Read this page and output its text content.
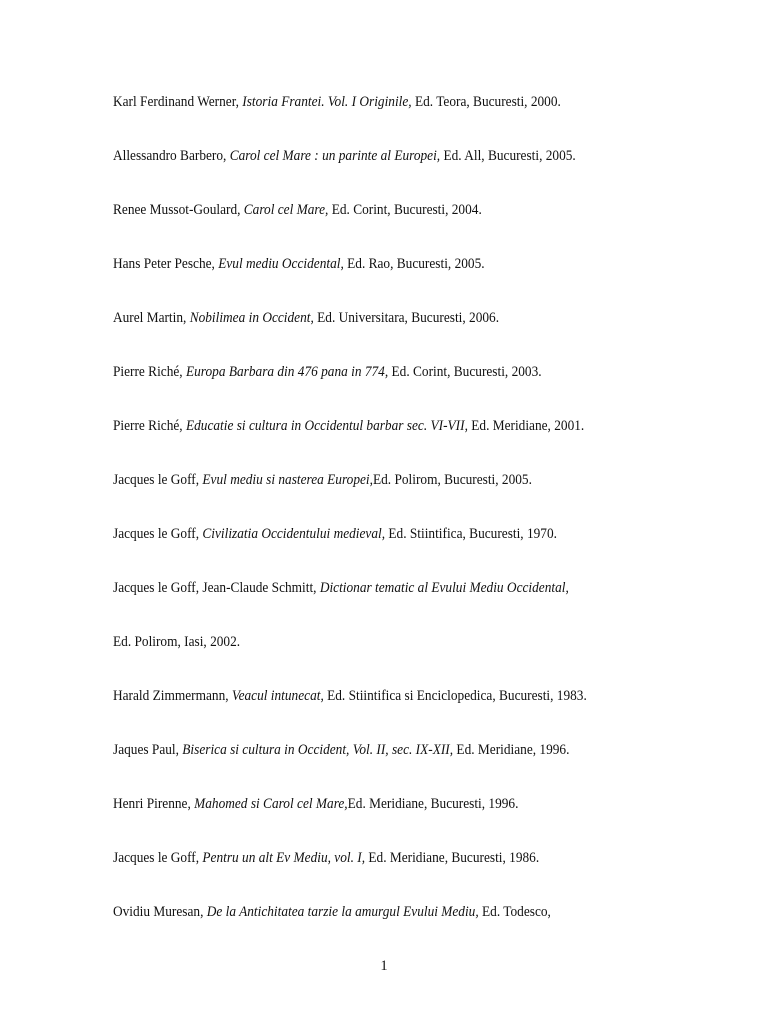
Karl Ferdinand Werner, Istoria Frantei. Vol. I Originile, Ed. Teora, Bucuresti, 2000.
Allessandro Barbero, Carol cel Mare : un parinte al Europei, Ed. All, Bucuresti, 2005.
Renee Mussot-Goulard, Carol cel Mare, Ed. Corint, Bucuresti, 2004.
Hans Peter Pesche, Evul mediu Occidental, Ed. Rao, Bucuresti, 2005.
Aurel Martin, Nobilimea in Occident, Ed. Universitara, Bucuresti, 2006.
Pierre Riché, Europa Barbara din 476 pana in 774, Ed. Corint, Bucuresti, 2003.
Pierre Riché, Educatie si cultura in Occidentul barbar sec. VI-VII, Ed. Meridiane, 2001.
Jacques le Goff, Evul mediu si nasterea Europei,Ed. Polirom, Bucuresti, 2005.
Jacques le Goff, Civilizatia Occidentului medieval, Ed. Stiintifica, Bucuresti, 1970.
Jacques le Goff, Jean-Claude Schmitt, Dictionar tematic al Evului Mediu Occidental,
Ed. Polirom, Iasi, 2002.
Harald Zimmermann, Veacul intunecat, Ed. Stiintifica si Enciclopedica, Bucuresti, 1983.
Jaques Paul, Biserica si cultura in Occident, Vol. II, sec. IX-XII, Ed. Meridiane, 1996.
Henri Pirenne, Mahomed si Carol cel Mare,Ed. Meridiane, Bucuresti, 1996.
Jacques le Goff, Pentru un alt Ev Mediu, vol. I, Ed. Meridiane, Bucuresti, 1986.
Ovidiu Muresan, De la Antichitatea tarzie la amurgul Evului Mediu, Ed. Todesco,
1
